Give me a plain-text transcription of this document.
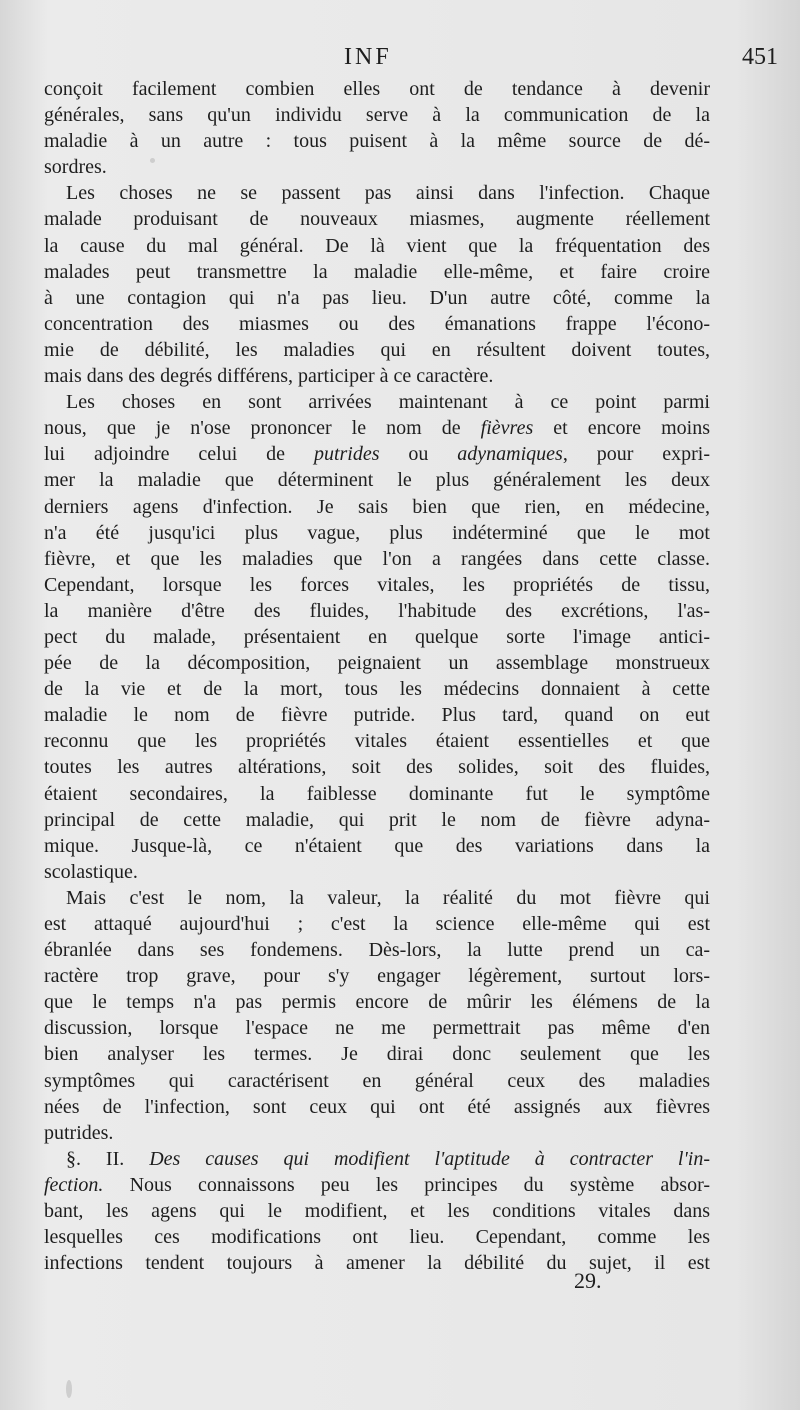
INF	451
conçoit facilement combien elles ont de tendance à devenir
générales, sans qu'un individu serve à la communication de la
maladie à un autre : tous puisent à la même source de dé-
sordres.
Les choses ne se passent pas ainsi dans l'infection. Chaque
malade produisant de nouveaux miasmes, augmente réellement
la cause du mal général. De là vient que la fréquentation des
malades peut transmettre la maladie elle-même, et faire croire
à une contagion qui n'a pas lieu. D'un autre côté, comme la
concentration des miasmes ou des émanations frappe l'écono-
mie de débilité, les maladies qui en résultent doivent toutes,
mais dans des degrés différens, participer à ce caractère.
Les choses en sont arrivées maintenant à ce point parmi
nous, que je n'ose prononcer le nom de fièvres et encore moins
lui adjoindre celui de putrides ou adynamiques, pour expri-
mer la maladie que déterminent le plus généralement les deux
derniers agens d'infection. Je sais bien que rien, en médecine,
n'a été jusqu'ici plus vague, plus indéterminé que le mot
fièvre, et que les maladies que l'on a rangées dans cette classe.
Cependant, lorsque les forces vitales, les propriétés de tissu,
la manière d'être des fluides, l'habitude des excrétions, l'as-
pect du malade, présentaient en quelque sorte l'image antici-
pée de la décomposition, peignaient un assemblage monstrueux
de la vie et de la mort, tous les médecins donnaient à cette
maladie le nom de fièvre putride. Plus tard, quand on eut
reconnu que les propriétés vitales étaient essentielles et que
toutes les autres altérations, soit des solides, soit des fluides,
étaient secondaires, la faiblesse dominante fut le symptôme
principal de cette maladie, qui prit le nom de fièvre adyna-
mique. Jusque-là, ce n'étaient que des variations dans la
scolastique.
Mais c'est le nom, la valeur, la réalité du mot fièvre qui
est attaqué aujourd'hui ; c'est la science elle-même qui est
ébranlée dans ses fondemens. Dès-lors, la lutte prend un ca-
ractère trop grave, pour s'y engager légèrement, surtout lors-
que le temps n'a pas permis encore de mûrir les élémens de la
discussion, lorsque l'espace ne me permettrait pas même d'en
bien analyser les termes. Je dirai donc seulement que les
symptômes qui caractérisent en général ceux des maladies
nées de l'infection, sont ceux qui ont été assignés aux fièvres
putrides.
§. II. Des causes qui modifient l'aptitude à contracter l'in-
fection. Nous connaissons peu les principes du système absor-
bant, les agens qui le modifient, et les conditions vitales dans
lesquelles ces modifications ont lieu. Cependant, comme les
infections tendent toujours à amener la débilité du sujet, il est
29.
